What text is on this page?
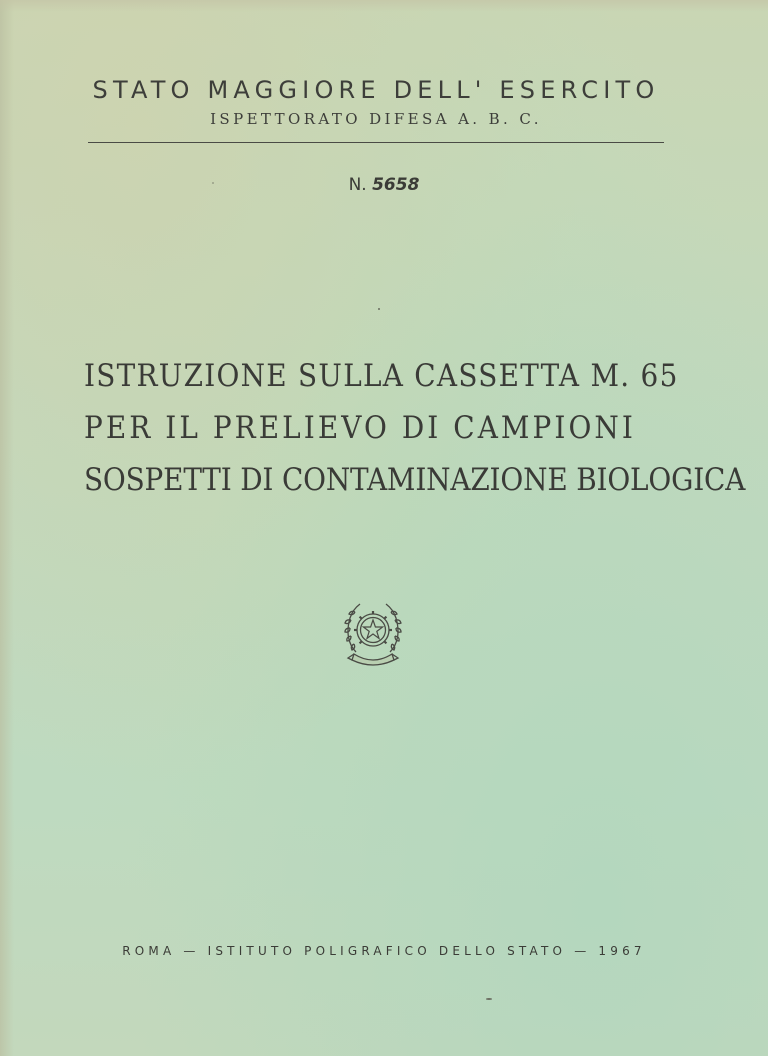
STATO MAGGIORE DELL' ESERCITO
ISPETTORATO DIFESA A. B. C.
N. 5658
ISTRUZIONE SULLA CASSETTA M. 65
PER IL PRELIEVO DI CAMPIONI
SOSPETTI DI CONTAMINAZIONE BIOLOGICA
ROMA — ISTITUTO POLIGRAFICO DELLO STATO — 1967
